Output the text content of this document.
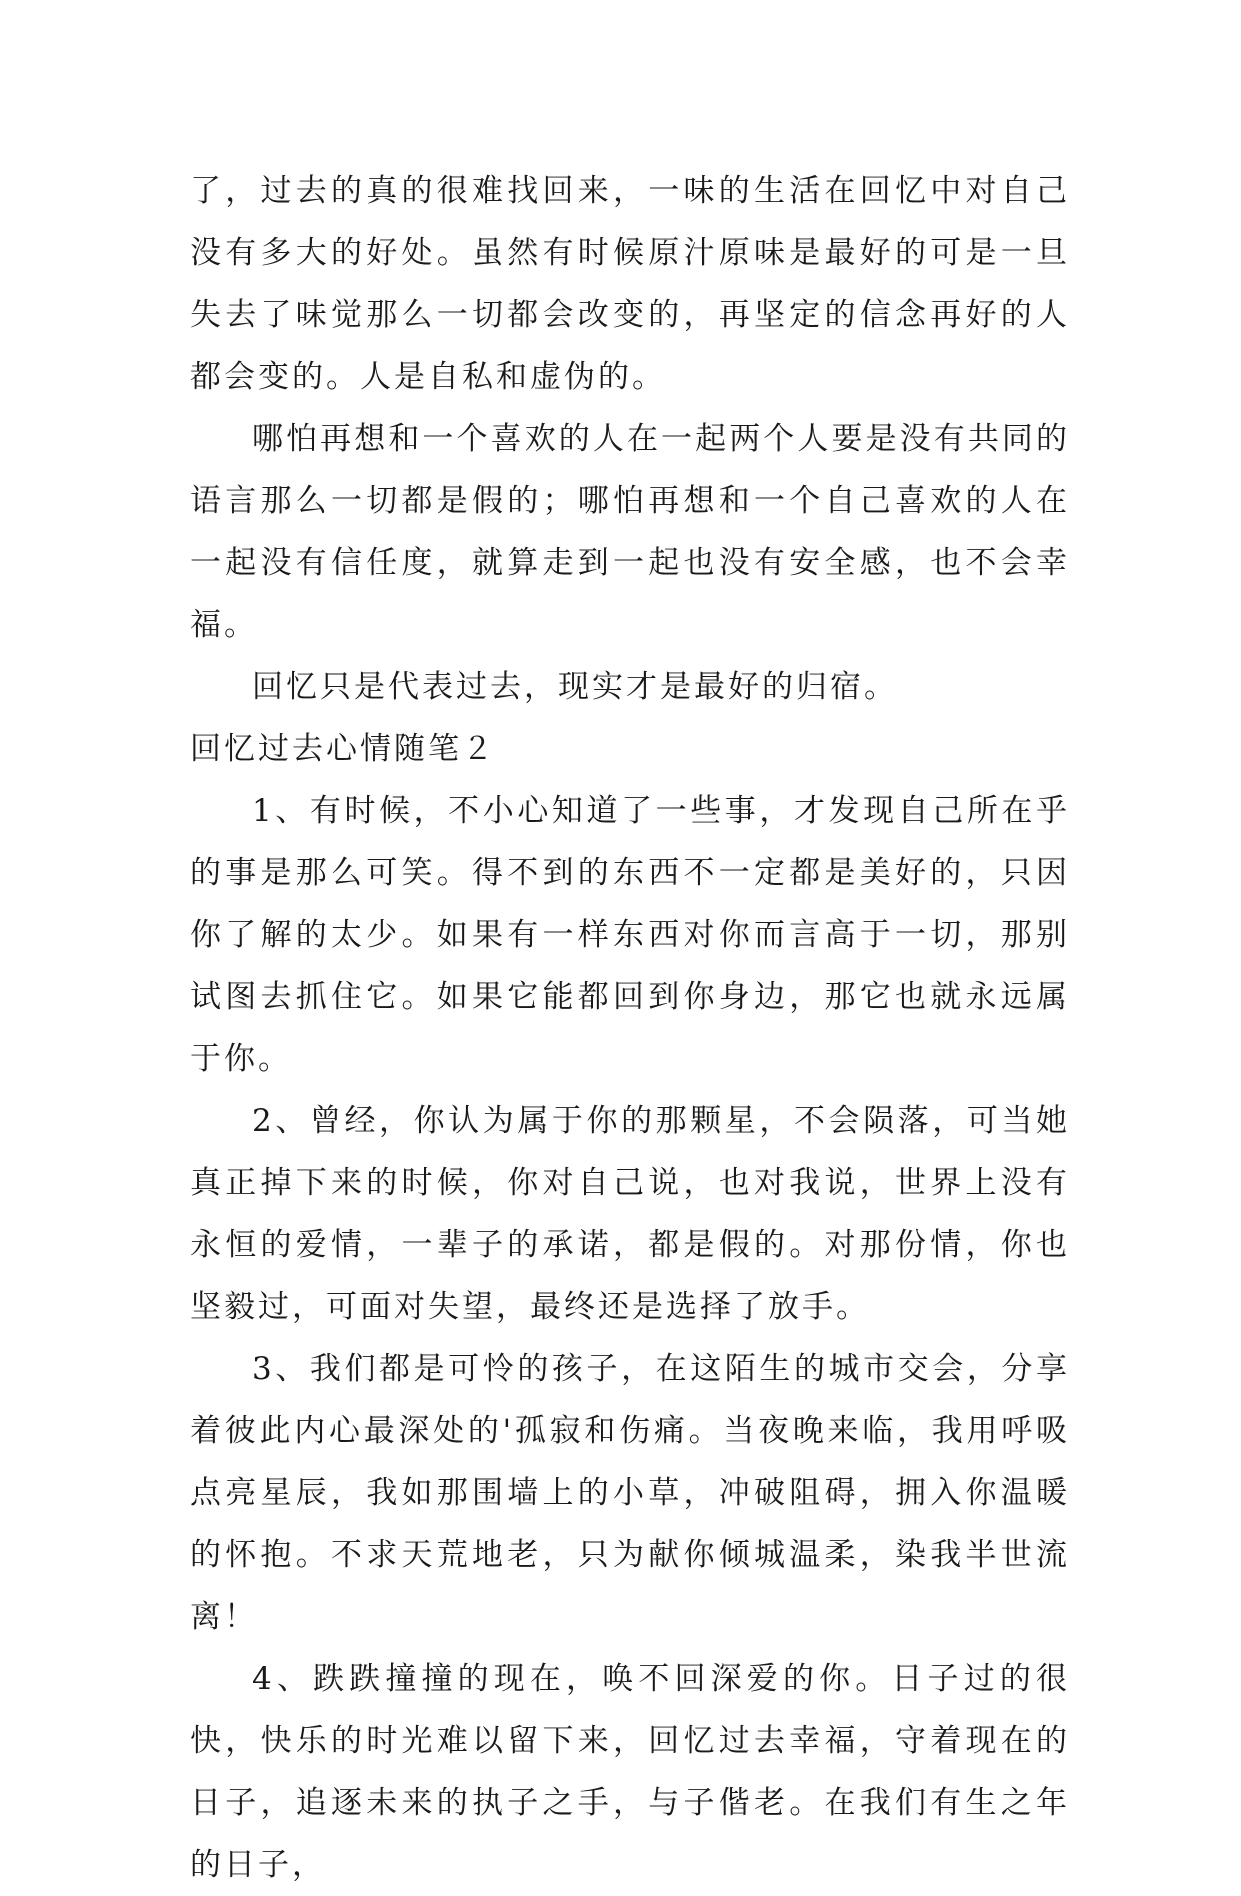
了，过去的真的很难找回来，一味的生活在回忆中对自己没有多大的好处。虽然有时候原汁原味是最好的可是一旦失去了味觉那么一切都会改变的，再坚定的信念再好的人都会变的。人是自私和虚伪的。

哪怕再想和一个喜欢的人在一起两个人要是没有共同的语言那么一切都是假的；哪怕再想和一个自己喜欢的人在一起没有信任度，就算走到一起也没有安全感，也不会幸福。

回忆只是代表过去，现实才是最好的归宿。

回忆过去心情随笔２

1、有时候，不小心知道了一些事，才发现自己所在乎的事是那么可笑。得不到的东西不一定都是美好的，只因你了解的太少。如果有一样东西对你而言高于一切，那别试图去抓住它。如果它能都回到你身边，那它也就永远属于你。

2、曾经，你认为属于你的那颗星，不会陨落，可当她真正掉下来的时候，你对自己说，也对我说，世界上没有永恒的爱情，一辈子的承诺，都是假的。对那份情，你也坚毅过，可面对失望，最终还是选择了放手。

3、我们都是可怜的孩子，在这陌生的城市交会，分享着彼此内心最深处的'孤寂和伤痛。当夜晚来临，我用呼吸点亮星辰，我如那围墙上的小草，冲破阻碍，拥入你温暖的怀抱。不求天荒地老，只为献你倾城温柔，染我半世流离！

4、跌跌撞撞的现在，唤不回深爱的你。日子过的很快，快乐的时光难以留下来，回忆过去幸福，守着现在的日子，追逐未来的执子之手，与子偕老。在我们有生之年的日子，
